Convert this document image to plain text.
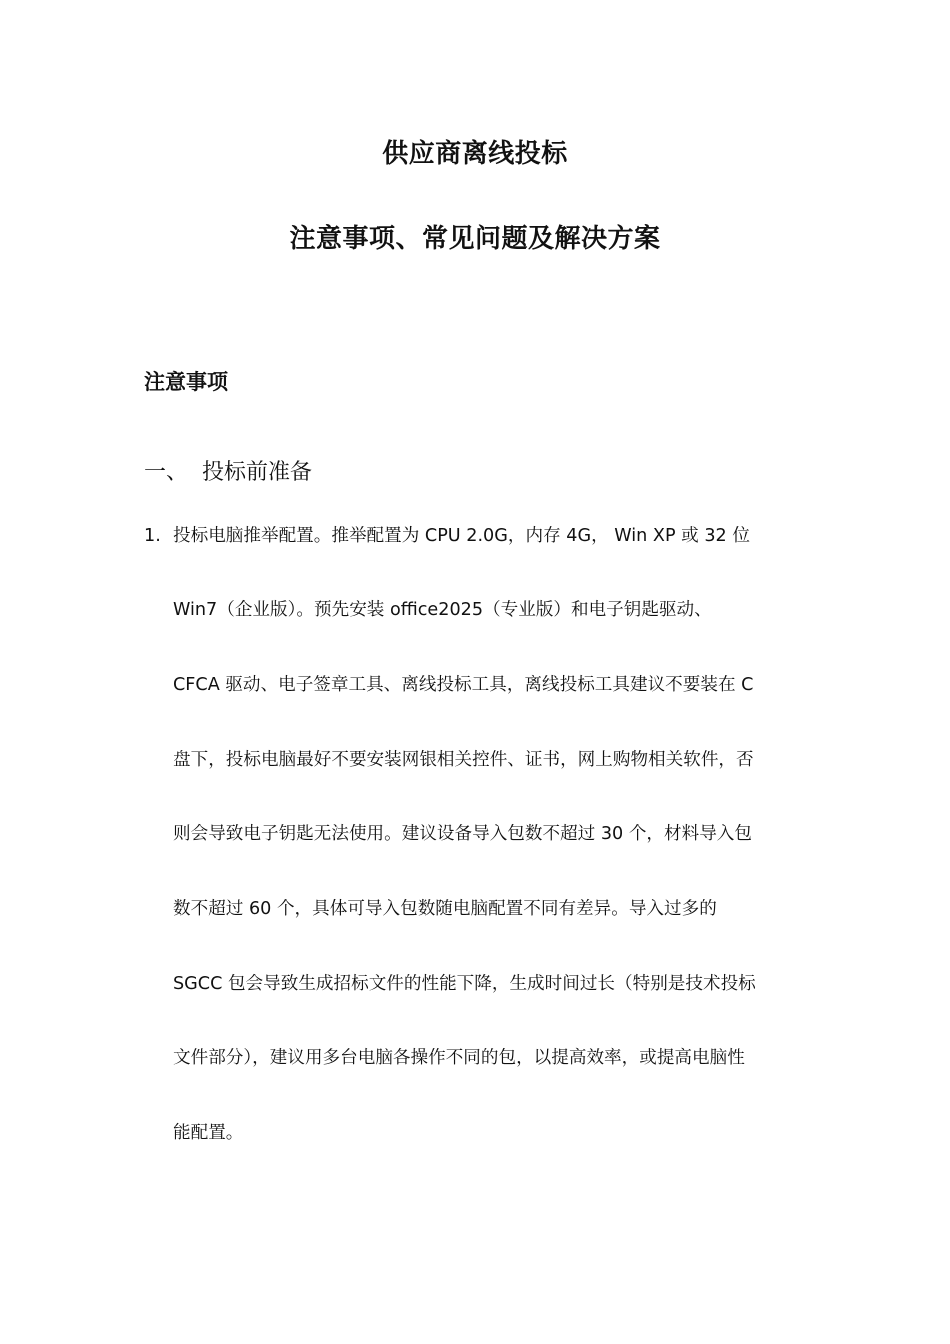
供应商离线投标
注意事项、常见问题及解决方案
注意事项
一、 投标前准备
1. 投标电脑推举配置。推举配置为 CPU 2.0G，内存 4G， Win XP 或 32 位
Win7（企业版）。预先安装 office2025（专业版）和电子钥匙驱动、
CFCA 驱动、电子签章工具、离线投标工具，离线投标工具建议不要装在 C
盘下，投标电脑最好不要安装网银相关控件、证书，网上购物相关软件，否
则会导致电子钥匙无法使用。建议设备导入包数不超过 30 个，材料导入包
数不超过 60 个，具体可导入包数随电脑配置不同有差异。导入过多的
SGCC 包会导致生成招标文件的性能下降，生成时间过长（特别是技术投标
文件部分），建议用多台电脑各操作不同的包，以提高效率，或提高电脑性
能配置。
